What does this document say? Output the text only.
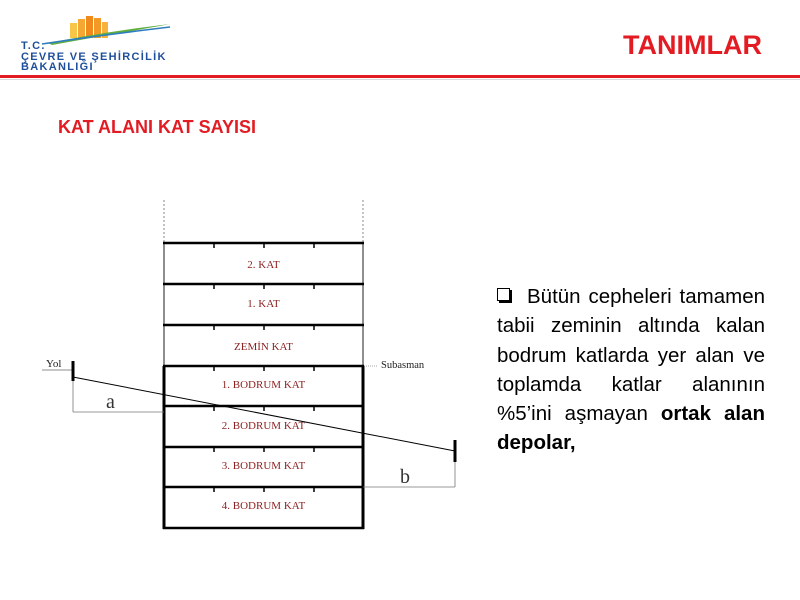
T.C.
ÇEVRE VE ŞEHİRCİLİK
BAKANLIĞI
TANIMLAR
KAT ALANI KAT SAYISI
2. KAT
1. KAT
ZEMİN KAT
1. BODRUM KAT
2. BODRUM KAT
3. BODRUM KAT
4. BODRUM KAT
Yol
a
b
Subasman

Bütün cepheleri tamamen tabii zeminin altında kalan bodrum katlarda yer alan ve toplamda katlar alanının %5’ini aşmayan ortak alan depolar,
